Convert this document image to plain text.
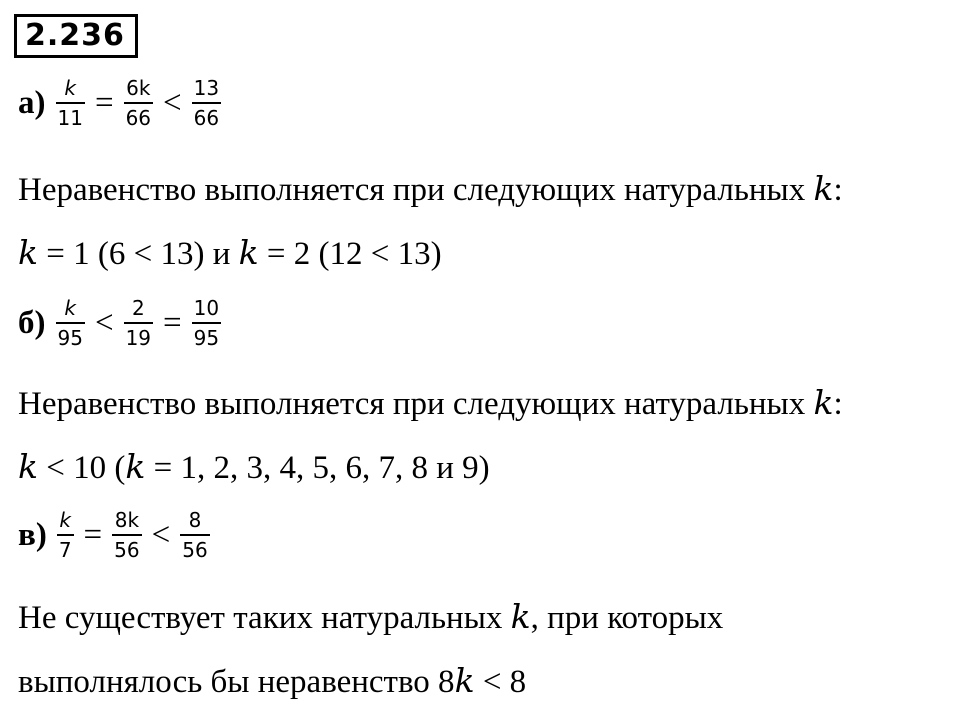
2.236
$а) \frac{k}{11} = \frac{6k}{66} < \frac{13}{66}$
Неравенство выполняется при следующих натуральных k:
k = 1 (6 < 13) и k = 2 (12 < 13)
$б) \frac{k}{95} < \frac{2}{19} = \frac{10}{95}$
Неравенство выполняется при следующих натуральных k:
k < 10 (k = 1, 2, 3, 4, 5, 6, 7, 8 и 9)
$в) \frac{k}{7} = \frac{8k}{56} < \frac{8}{56}$
Не существует таких натуральных k, при которых
выполнялось бы неравенство 8k < 8
